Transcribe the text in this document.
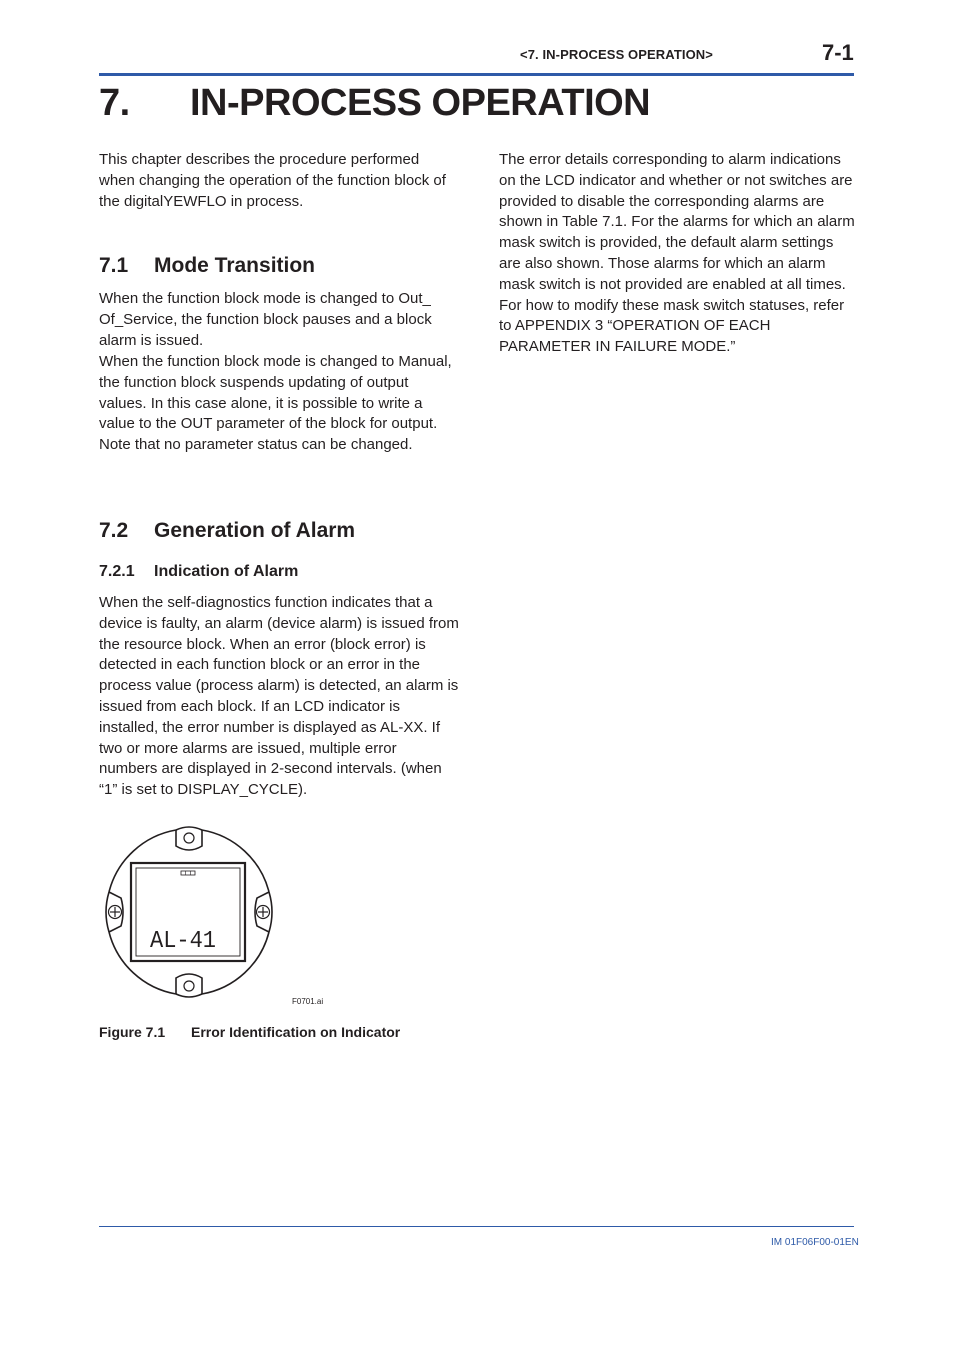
<7. IN-PROCESS OPERATION>	7-1
7. IN-PROCESS OPERATION

This chapter describes the procedure performed when changing the operation of the function block of the digitalYEWFLO in process.

7.1 Mode Transition

When the function block mode is changed to Out_ Of_Service, the function block pauses and a block alarm is issued.

When the function block mode is changed to Manual, the function block suspends updating of output values. In this case alone, it is possible to write a value to the OUT parameter of the block for output. Note that no parameter status can be changed.

7.2 Generation of Alarm
7.2.1 Indication of Alarm

When the self-diagnostics function indicates that a device is faulty, an alarm (device alarm) is issued from the resource block. When an error (block error) is detected in each function block or an error in the process value (process alarm) is detected, an alarm is issued from each block. If an LCD indicator is installed, the error number is displayed as AL-XX. If two or more alarms are issued, multiple error numbers are displayed in 2-second intervals. (when “1” is set to DISPLAY_CYCLE).

The error details corresponding to alarm indications on the LCD indicator and whether or not switches are provided to disable the corresponding alarms are shown in Table 7.1. For the alarms for which an alarm mask switch is provided, the default alarm settings are also shown. Those alarms for which an alarm mask switch is not provided are enabled at all times. For how to modify these mask switch statuses, refer to APPENDIX 3 “OPERATION OF EACH PARAMETER IN FAILURE MODE.”

AL-41
F0701.ai
Figure 7.1 Error Identification on Indicator
IM 01F06F00-01EN
